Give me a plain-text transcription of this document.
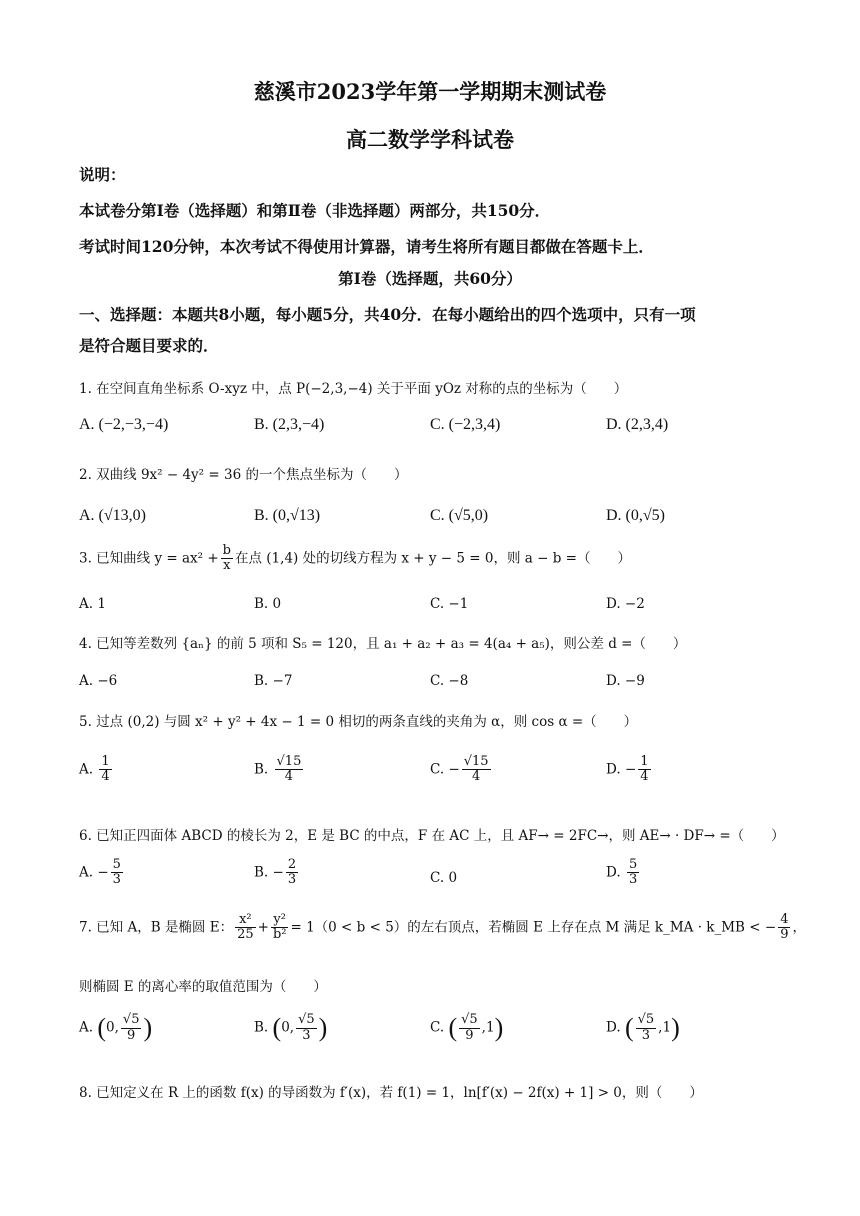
慈溪市2023学年第一学期期末测试卷
高二数学学科试卷
说明：
本试卷分第Ⅰ卷（选择题）和第Ⅱ卷（非选择题）两部分，共150分．
考试时间120分钟，本次考试不得使用计算器，请考生将所有题目都做在答题卡上．
第Ⅰ卷（选择题，共60分）
一、选择题：本题共8小题，每小题5分，共40分．在每小题给出的四个选项中，只有一项
是符合题目要求的．
1. 在空间直角坐标系 O-xyz 中，点 P(−2,3,−4) 关于平面 yOz 对称的点的坐标为（　　）
A. (−2,−3,−4)	B. (2,3,−4)	C. (−2,3,4)	D. (2,3,4)
2. 双曲线 9x² − 4y² = 36 的一个焦点坐标为（　　）
A. (√13,0)	B. (0,√13)	C. (√5,0)	D. (0,√5)
3. 已知曲线 $y = ax^2 + \frac{b}{x}$ 在点 (1,4) 处的切线方程为 x + y − 5 = 0，则 a − b =（　　）
A. 1	B. 0	C. −1	D. −2
4. 已知等差数列 {aₙ} 的前 5 项和 S₅ = 120，且 a₁ + a₂ + a₃ = 4(a₄ + a₅)，则公差 d =（　　）
A. −6	B. −7	C. −8	D. −9
5. 过点 (0,2) 与圆 x² + y² + 4x − 1 = 0 相切的两条直线的夹角为 α，则 cos α =（　　）
A. $\frac{1}{4}$	B. $\frac{√15}{4}$	C. − $\frac{√15}{4}$	D. − $\frac{1}{4}$
6. 已知正四面体 ABCD 的棱长为 2，E 是 BC 的中点，F 在 AC 上，且 AF→ = 2FC→，则 AE→ · DF→ =（　　）
A. − $\frac{5}{3}$	B. − $\frac{2}{3}$	C. 0	D. $\frac{5}{3}$
7. 已知 A，B 是椭圆 E： $\frac{\text{x²}}{25} + \frac{\text{y²}}{\text{b²}} = 1(0 < b < 5)$的左右顶点，若椭圆 E 上存在点 M 满足 k_MA · k_MB < − $\frac{4}{9}$ ，
则椭圆 E 的离心率的取值范围为（　　）
A. (0, $\frac{√5}{9}$ )	B. (0, $\frac{√5}{3}$ )	C. ( $\frac{√5}{9} ,1$)	D. ( $\frac{√5}{3} ,1$)
8. 已知定义在 R 上的函数 f(x) 的导函数为 f′(x)，若 f(1) = 1，ln[f′(x) − 2f(x) + 1] > 0，则（　　）
